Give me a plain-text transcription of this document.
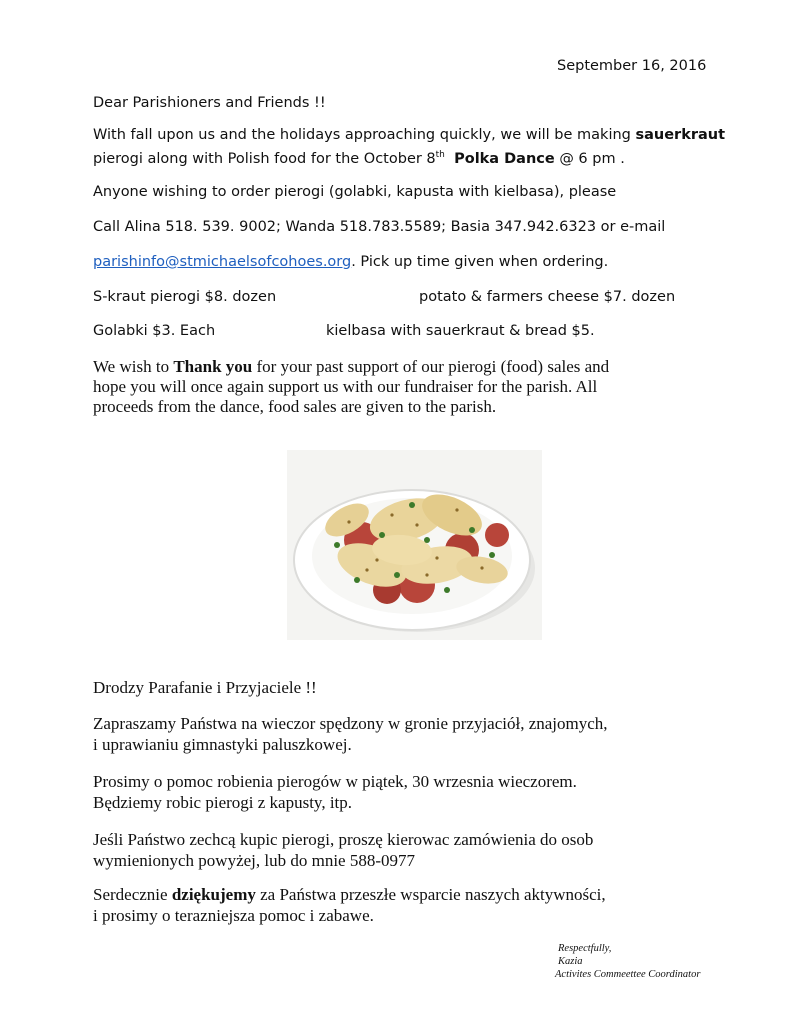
September 16, 2016
Dear Parishioners and Friends !!
With fall upon us and the holidays approaching quickly, we will be making sauerkraut
pierogi along with Polish food for the October 8th Polka Dance @ 6 pm .
Anyone wishing to order pierogi (golabki, kapusta with kielbasa), please
Call Alina 518. 539. 9002; Wanda 518.783.5589; Basia 347.942.6323 or e-mail
parishinfo@stmichaelsofcohoes.org. Pick up time given when ordering.
S-kraut pierogi $8. dozen	potato & farmers cheese $7. dozen
Golabki $3. Each	kielbasa with sauerkraut & bread $5.
We wish to Thank you for your past support of our pierogi (food) sales and
hope you will once again support us with our fundraiser for the parish. All
proceeds from the dance, food sales are given to the parish.
Drodzy Parafanie i Przyjaciele !!
Zapraszamy Państwa na wieczor spędzony w gronie przyjaciół, znajomych,
i uprawianiu gimnastyki paluszkowej.
Prosimy o pomoc robienia pierogów w piątek, 30 wrzesnia wieczorem.
Będziemy robic pierogi z kapusty, itp.
Jeśli Państwo zechcą kupic pierogi, proszę kierowac zamówienia do osob
wymienionych powyżej, lub do mnie 588-0977
Serdecznie dziękujemy za Państwa przeszłe wsparcie naszych aktywności,
i prosimy o terazniejsza pomoc i zabawe.
Respectfully,
Kazia
Activites Commeettee Coordinator
